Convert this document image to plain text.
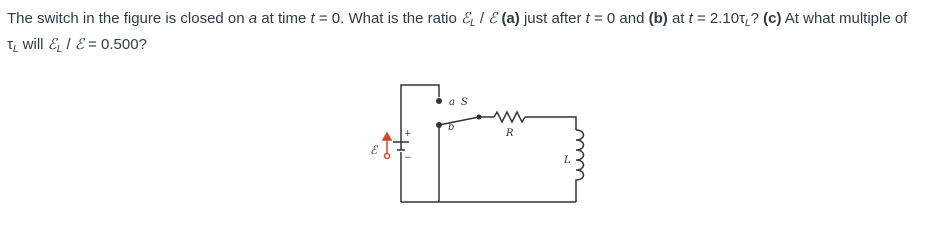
The switch in the figure is closed on a at time t = 0. What is the ratio ℰ$_L$ / ℰ (a) just after t = 0 and (b) at $t = 2.10\tau_L$? (c) At what multiple of $\tau_L$ will ℰ$_L$ / ℰ = 0.500?

a S
b
R
L
ℰ
+
−
